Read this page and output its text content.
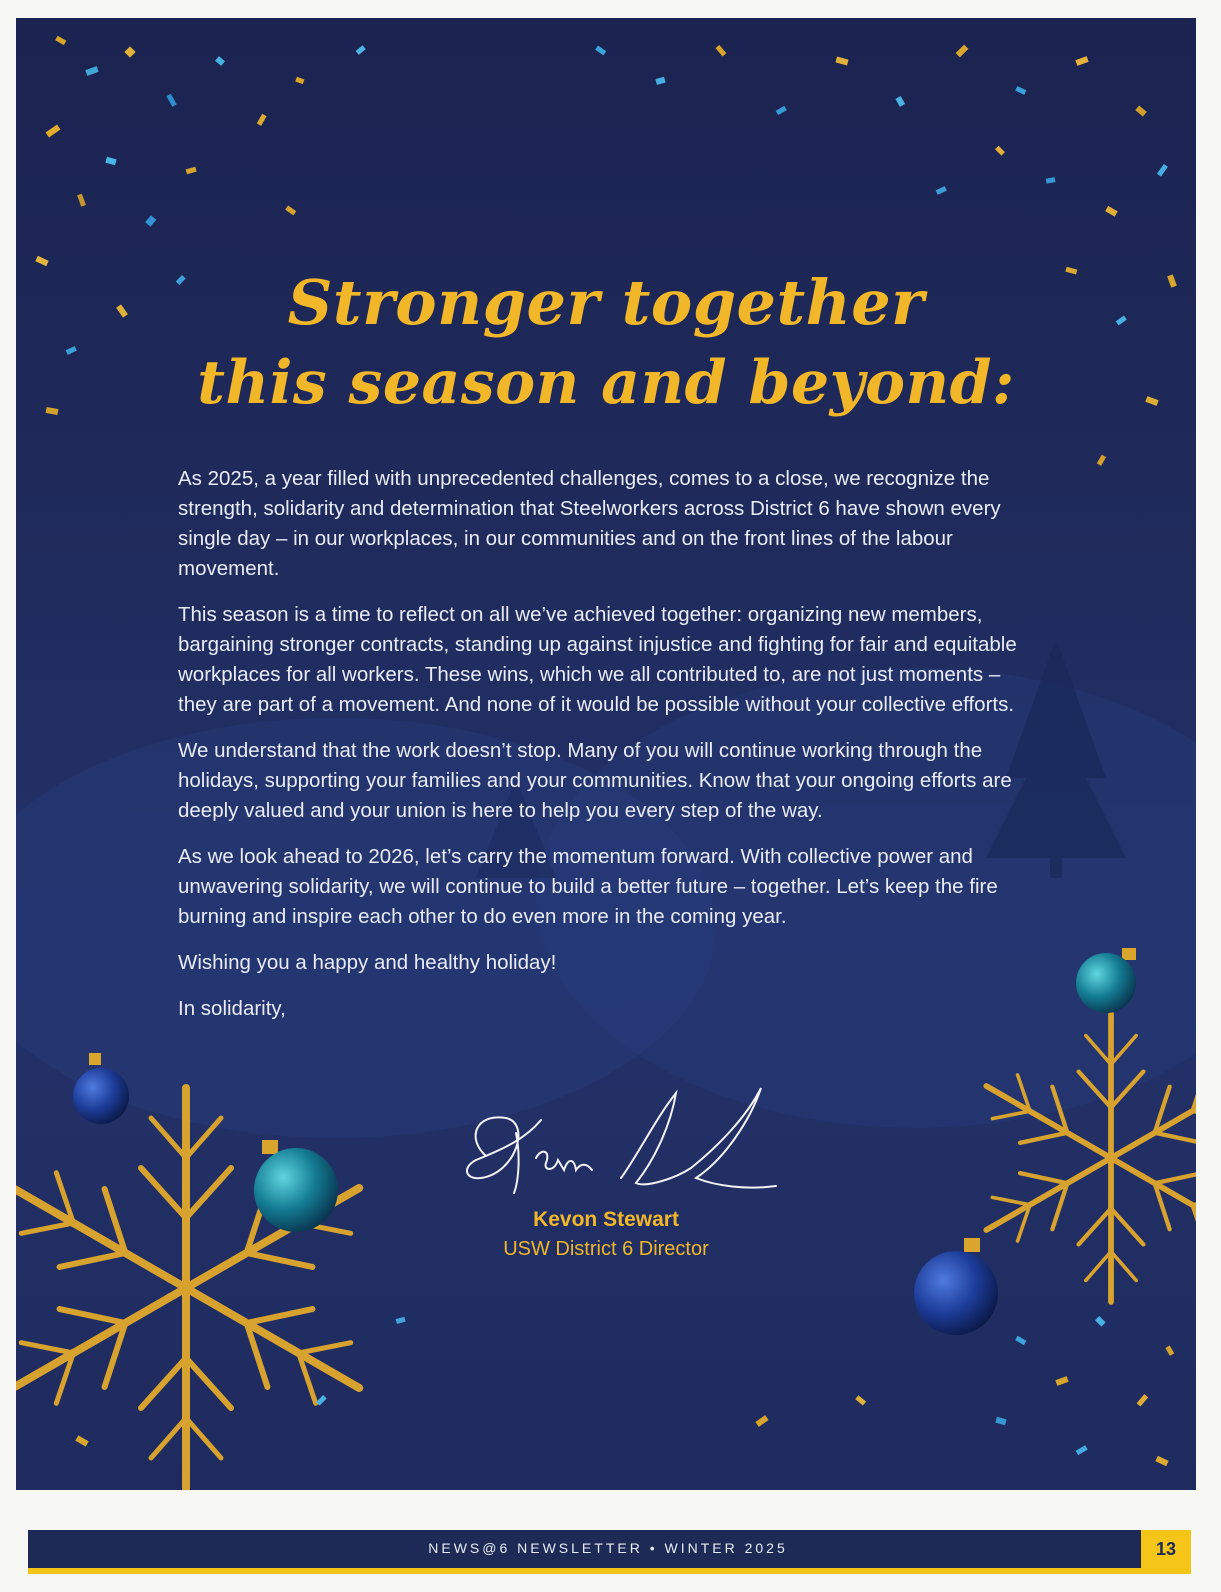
Stronger together
this season and beyond:

As 2025, a year filled with unprecedented challenges, comes to a close, we recognize the strength, solidarity and determination that Steelworkers across District 6 have shown every single day – in our workplaces, in our communities and on the front lines of the labour movement.

This season is a time to reflect on all we’ve achieved together: organizing new members, bargaining stronger contracts, standing up against injustice and fighting for fair and equitable workplaces for all workers. These wins, which we all contributed to, are not just moments – they are part of a movement. And none of it would be possible without your collective efforts.

We understand that the work doesn’t stop. Many of you will continue working through the holidays, supporting your families and your communities. Know that your ongoing efforts are deeply valued and your union is here to help you every step of the way.

As we look ahead to 2026, let’s carry the momentum forward. With collective power and unwavering solidarity, we will continue to build a better future – together. Let’s keep the fire burning and inspire each other to do even more in the coming year.

Wishing you a happy and healthy holiday!

In solidarity,

Kevon Stewart
USW District 6 Director
NEWS@6 NEWSLETTER • WINTER 2025	13
